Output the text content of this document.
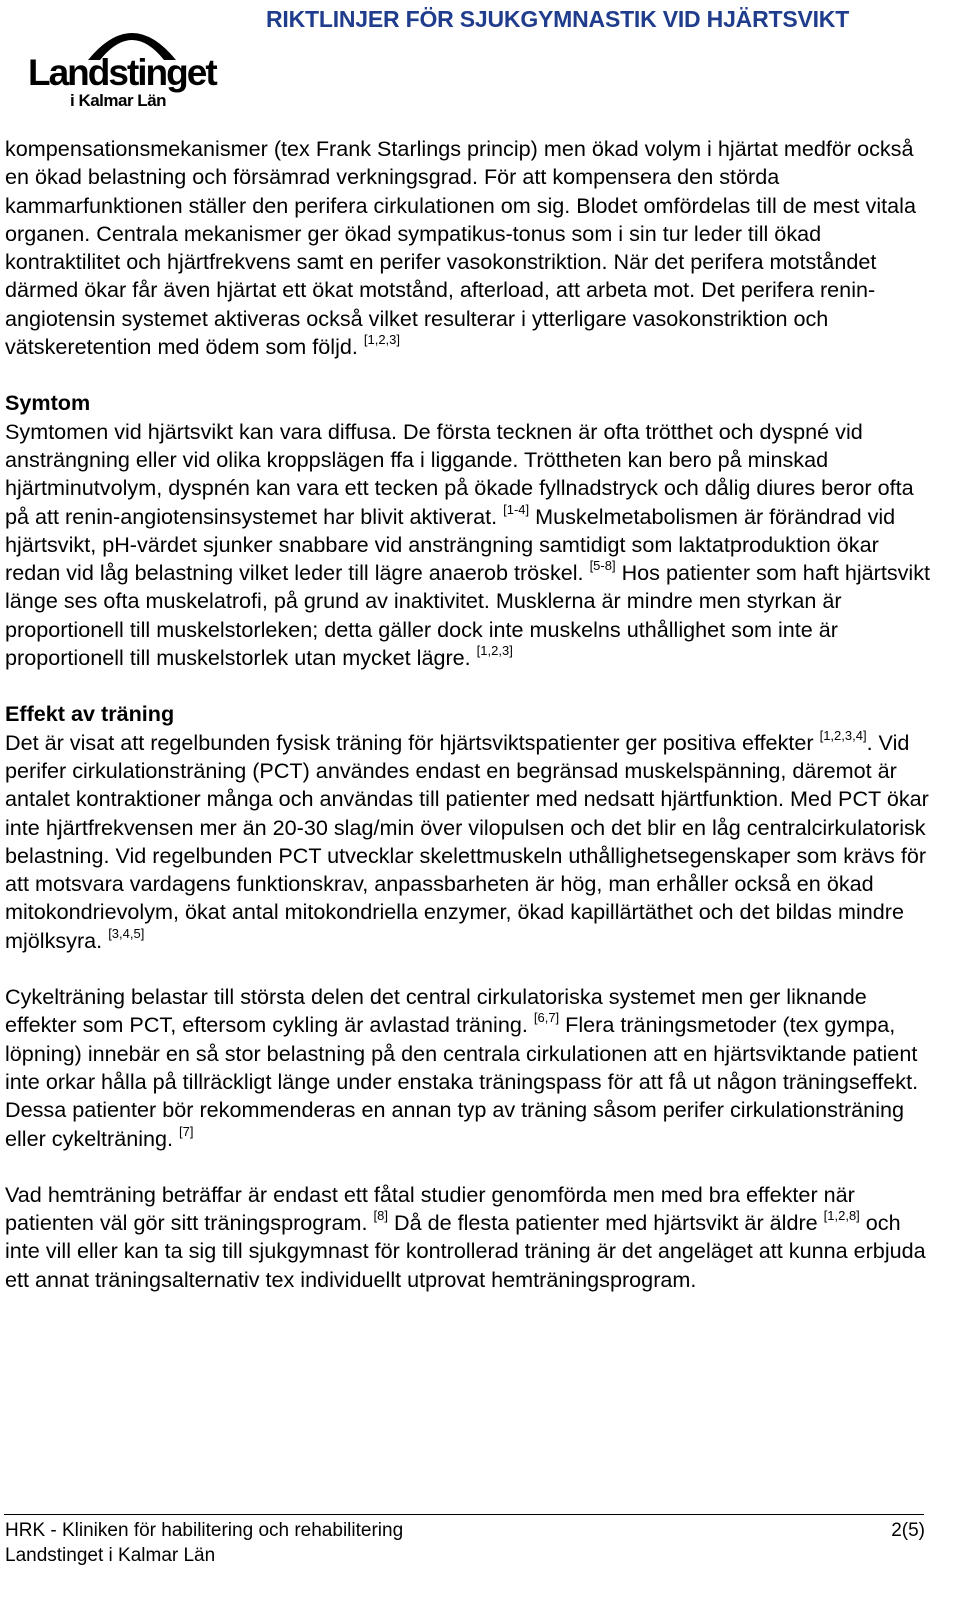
Landstinget
i Kalmar Län
RIKTLINJER FÖR SJUKGYMNASTIK VID HJÄRTSVIKT

kompensationsmekanismer (tex Frank Starlings princip) men ökad volym i hjärtat medför också en ökad belastning och försämrad verkningsgrad. För att kompensera den störda kammarfunktionen ställer den perifera cirkulationen om sig. Blodet omfördelas till de mest vitala organen. Centrala mekanismer ger ökad sympatikus-tonus som i sin tur leder till ökad kontraktilitet och hjärtfrekvens samt en perifer vasokonstriktion. När det perifera motståndet därmed ökar får även hjärtat ett ökat motstånd, afterload, att arbeta mot. Det perifera renin-angiotensin systemet aktiveras också vilket resulterar i ytterligare vasokonstriktion och vätskeretention med ödem som följd. [1,2,3]

Symtom

Symtomen vid hjärtsvikt kan vara diffusa. De första tecknen är ofta trötthet och dyspné vid ansträngning eller vid olika kroppslägen ffa i liggande. Tröttheten kan bero på minskad hjärtminutvolym, dyspnén kan vara ett tecken på ökade fyllnadstryck och dålig diures beror ofta på att renin-angiotensinsystemet har blivit aktiverat. [1-4] Muskelmetabolismen är förändrad vid hjärtsvikt, pH-värdet sjunker snabbare vid ansträngning samtidigt som laktatproduktion ökar redan vid låg belastning vilket leder till lägre anaerob tröskel. [5-8] Hos patienter som haft hjärtsvikt länge ses ofta muskelatrofi, på grund av inaktivitet. Musklerna är mindre men styrkan är proportionell till muskelstorleken; detta gäller dock inte muskelns uthållighet som inte är proportionell till muskelstorlek utan mycket lägre. [1,2,3]

Effekt av träning

Det är visat att regelbunden fysisk träning för hjärtsviktspatienter ger positiva effekter [1,2,3,4]. Vid perifer cirkulationsträning (PCT) användes endast en begränsad muskelspänning, däremot är antalet kontraktioner många och användas till patienter med nedsatt hjärtfunktion. Med PCT ökar inte hjärtfrekvensen mer än 20-30 slag/min över vilopulsen och det blir en låg centralcirkulatorisk belastning. Vid regelbunden PCT utvecklar skelettmuskeln uthållighetsegenskaper som krävs för att motsvara vardagens funktionskrav, anpassbarheten är hög, man erhåller också en ökad mitokondrievolym, ökat antal mitokondriella enzymer, ökad kapillärtäthet och det bildas mindre mjölksyra. [3,4,5]

Cykelträning belastar till största delen det central cirkulatoriska systemet men ger liknande effekter som PCT, eftersom cykling är avlastad träning. [6,7] Flera träningsmetoder (tex gympa, löpning) innebär en så stor belastning på den centrala cirkulationen att en hjärtsviktande patient inte orkar hålla på tillräckligt länge under enstaka träningspass för att få ut någon träningseffekt. Dessa patienter bör rekommenderas en annan typ av träning såsom perifer cirkulationsträning eller cykelträning. [7]

Vad hemträning beträffar är endast ett fåtal studier genomförda men med bra effekter när patienten väl gör sitt träningsprogram. [8] Då de flesta patienter med hjärtsvikt är äldre [1,2,8] och inte vill eller kan ta sig till sjukgymnast för kontrollerad träning är det angeläget att kunna erbjuda ett annat träningsalternativ tex individuellt utprovat hemträningsprogram.

HRK - Kliniken för habilitering och rehabilitering
Landstinget i Kalmar Län
2(5)
